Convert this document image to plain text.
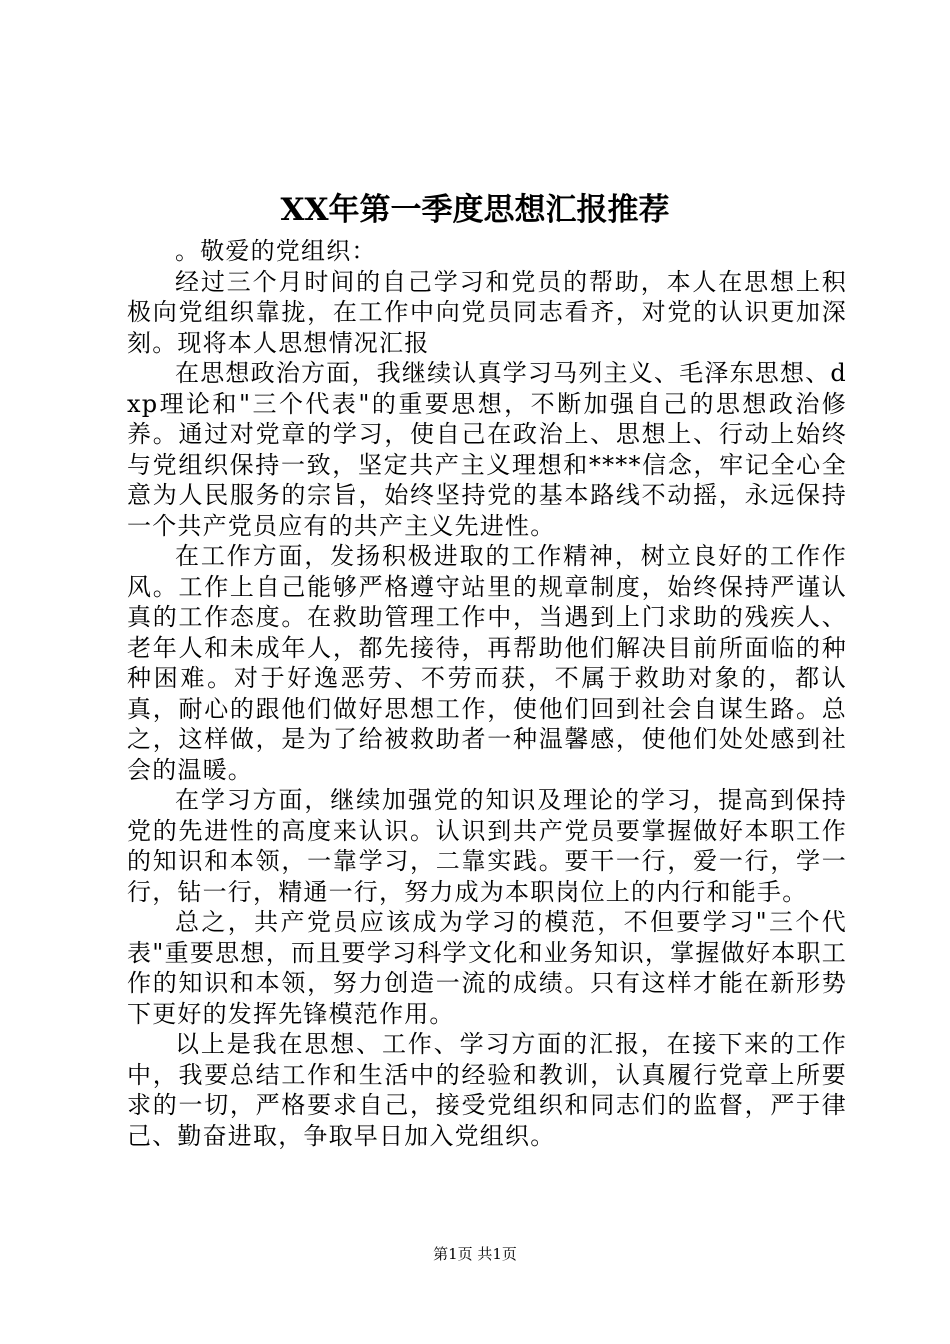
XX年第一季度思想汇报推荐

。敬爱的党组织：

经过三个月时间的自己学习和党员的帮助，本人在思想上积极向党组织靠拢，在工作中向党员同志看齐，对党的认识更加深刻。现将本人思想情况汇报

在思想政治方面，我继续认真学习马列主义、毛泽东思想、dxp理论和"三个代表"的重要思想，不断加强自己的思想政治修养。通过对党章的学习，使自己在政治上、思想上、行动上始终与党组织保持一致，坚定共产主义理想和****信念，牢记全心全意为人民服务的宗旨，始终坚持党的基本路线不动摇，永远保持一个共产党员应有的共产主义先进性。

在工作方面，发扬积极进取的工作精神，树立良好的工作作风。工作上自己能够严格遵守站里的规章制度，始终保持严谨认真的工作态度。在救助管理工作中，当遇到上门求助的残疾人、老年人和未成年人，都先接待，再帮助他们解决目前所面临的种种困难。对于好逸恶劳、不劳而获，不属于救助对象的，都认真，耐心的跟他们做好思想工作，使他们回到社会自谋生路。总之，这样做，是为了给被救助者一种温馨感，使他们处处感到社会的温暖。

在学习方面，继续加强党的知识及理论的学习，提高到保持党的先进性的高度来认识。认识到共产党员要掌握做好本职工作的知识和本领，一靠学习，二靠实践。要干一行，爱一行，学一行，钻一行，精通一行，努力成为本职岗位上的内行和能手。

总之，共产党员应该成为学习的模范，不但要学习"三个代表"重要思想，而且要学习科学文化和业务知识，掌握做好本职工作的知识和本领，努力创造一流的成绩。只有这样才能在新形势下更好的发挥先锋模范作用。

以上是我在思想、工作、学习方面的汇报，在接下来的工作中，我要总结工作和生活中的经验和教训，认真履行党章上所要求的一切，严格要求自己，接受党组织和同志们的监督，严于律己、勤奋进取，争取早日加入党组织。

第1页 共1页
